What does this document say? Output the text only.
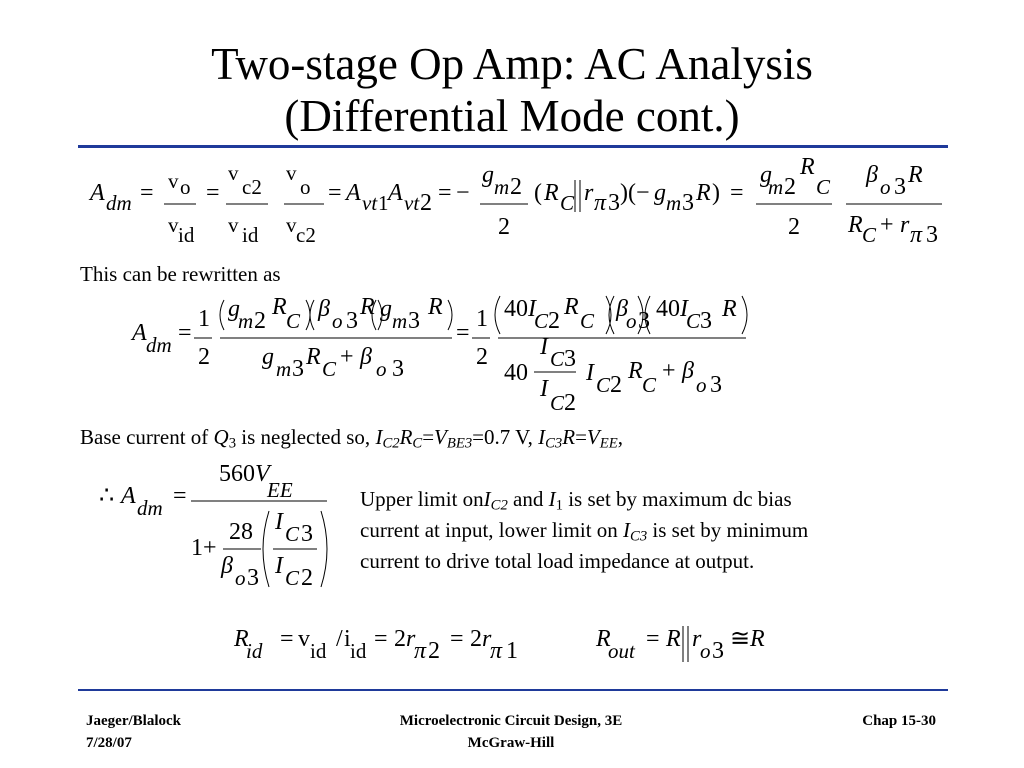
Two-stage Op Amp: AC Analysis
(Differential Mode cont.)
A dm = v o
v id
=
v
c2
v id
v
o
v c2
= A vt 1 A vt 2 = −
g m 2
2
( R C r π 3 )(− g m 3 R ) =
g
m 2
R
C
2
β o 3 R
R C + r π 3
This can be rewritten as
A dm =
1
2
g
m 2
R
C β o 3
R g m 3
R
g m 3 R C + β o 3
=
1
2
40 I
C 2
R
C β
o 3 40 I
C 3 R
I C 3
40
I
C 2
I C 2
R
C
+ β
o 3
Base current of $Q_3$ is neglected so, $I_{C2}R_C=V_{BE3}=0.7$ V, $I_{C3}R=V_{EE}$,
∴ A dm =
560 V
EE
1+
28
β o 3
I C 3
I C 2
Upper limit onI$_{C2}$ and $I_1$ is set by maximum dc bias
current at input, lower limit on $I_{C3}$ is set by minimum
current to drive total load impedance at output.
R
id = v id / i id = 2 r
π 2 = 2 r
π 1	R
out = R r
o 3 ≅ R
Jaeger/Blalock
7/28/07
Microelectronic Circuit Design, 3E
McGraw-Hill
Chap 15-30
